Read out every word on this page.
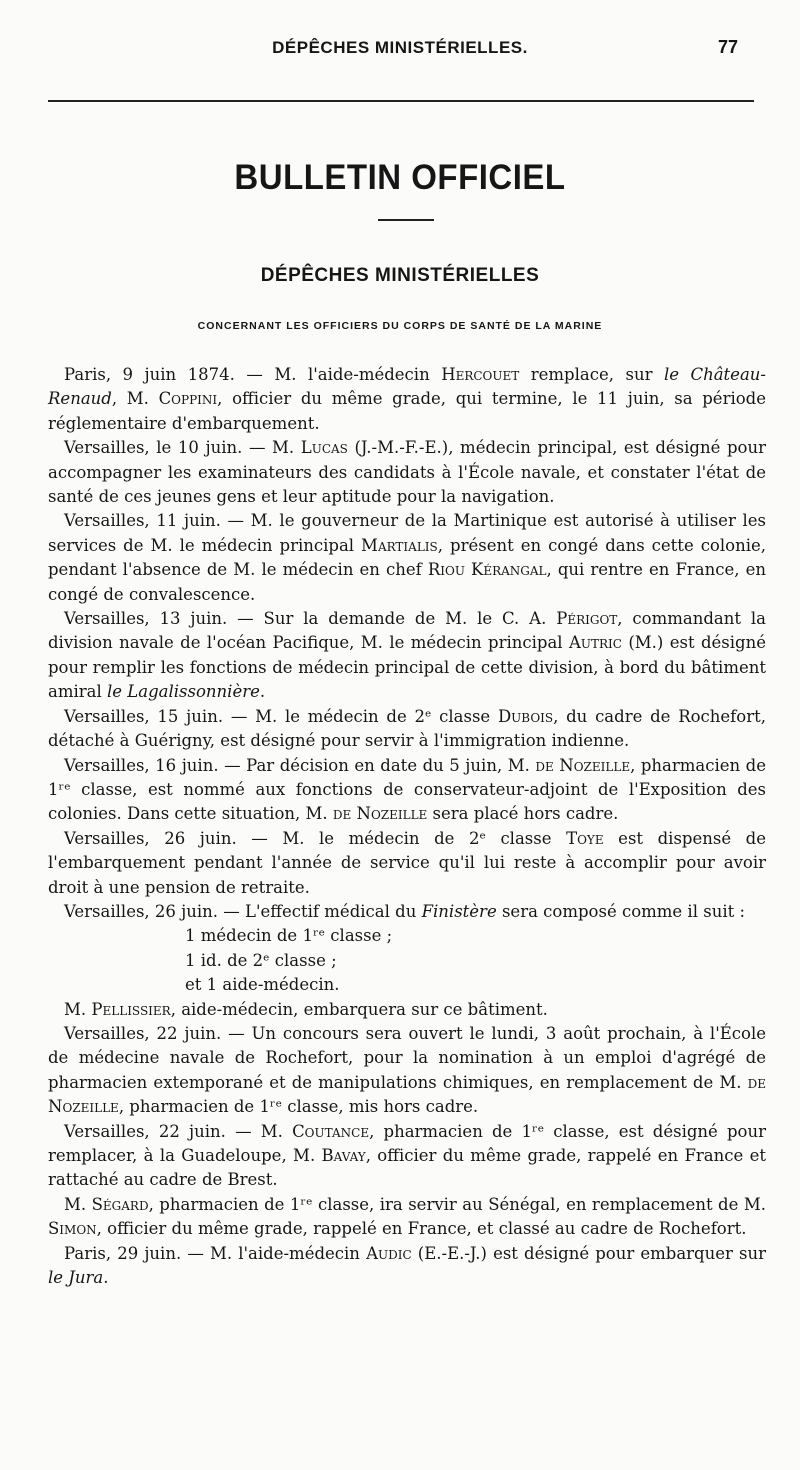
DÉPÊCHES MINISTÉRIELLES.	77
BULLETIN OFFICIEL
DÉPÊCHES MINISTÉRIELLES
CONCERNANT LES OFFICIERS DU CORPS DE SANTÉ DE LA MARINE

Paris, 9 juin 1874. — M. l'aide-médecin Hercouet remplace, sur le Château-Renaud, M. Coppini, officier du même grade, qui termine, le 11 juin, sa période réglementaire d'embarquement.

Versailles, le 10 juin. — M. Lucas (J.-M.-F.-E.), médecin principal, est désigné pour accompagner les examinateurs des candidats à l'École navale, et constater l'état de santé de ces jeunes gens et leur aptitude pour la navigation.

Versailles, 11 juin. — M. le gouverneur de la Martinique est autorisé à utiliser les services de M. le médecin principal Martialis, présent en congé dans cette colonie, pendant l'absence de M. le médecin en chef Riou Kérangal, qui rentre en France, en congé de convalescence.

Versailles, 13 juin. — Sur la demande de M. le C. A. Périgot, commandant la division navale de l'océan Pacifique, M. le médecin principal Autric (M.) est désigné pour remplir les fonctions de médecin principal de cette division, à bord du bâtiment amiral le Lagalissonnière.

Versailles, 15 juin. — M. le médecin de 2ᵉ classe Dubois, du cadre de Rochefort, détaché à Guérigny, est désigné pour servir à l'immigration indienne.

Versailles, 16 juin. — Par décision en date du 5 juin, M. de Nozeille, pharmacien de 1ʳᵉ classe, est nommé aux fonctions de conservateur-adjoint de l'Exposition des colonies. Dans cette situation, M. de Nozeille sera placé hors cadre.

Versailles, 26 juin. — M. le médecin de 2ᵉ classe Toye est dispensé de l'embarquement pendant l'année de service qu'il lui reste à accomplir pour avoir droit à une pension de retraite.

Versailles, 26 juin. — L'effectif médical du Finistère sera composé comme il suit :

1 médecin de 1ʳᵉ classe ;
1 id. de 2ᵉ classe ;
et 1 aide-médecin.

M. Pellissier, aide-médecin, embarquera sur ce bâtiment.

Versailles, 22 juin. — Un concours sera ouvert le lundi, 3 août prochain, à l'École de médecine navale de Rochefort, pour la nomination à un emploi d'agrégé de pharmacien extemporané et de manipulations chimiques, en remplacement de M. de Nozeille, pharmacien de 1ʳᵉ classe, mis hors cadre.

Versailles, 22 juin. — M. Coutance, pharmacien de 1ʳᵉ classe, est désigné pour remplacer, à la Guadeloupe, M. Bavay, officier du même grade, rappelé en France et rattaché au cadre de Brest.

M. Ségard, pharmacien de 1ʳᵉ classe, ira servir au Sénégal, en remplacement de M. Simon, officier du même grade, rappelé en France, et classé au cadre de Rochefort.

Paris, 29 juin. — M. l'aide-médecin Audic (E.-E.-J.) est désigné pour embarquer sur le Jura.
